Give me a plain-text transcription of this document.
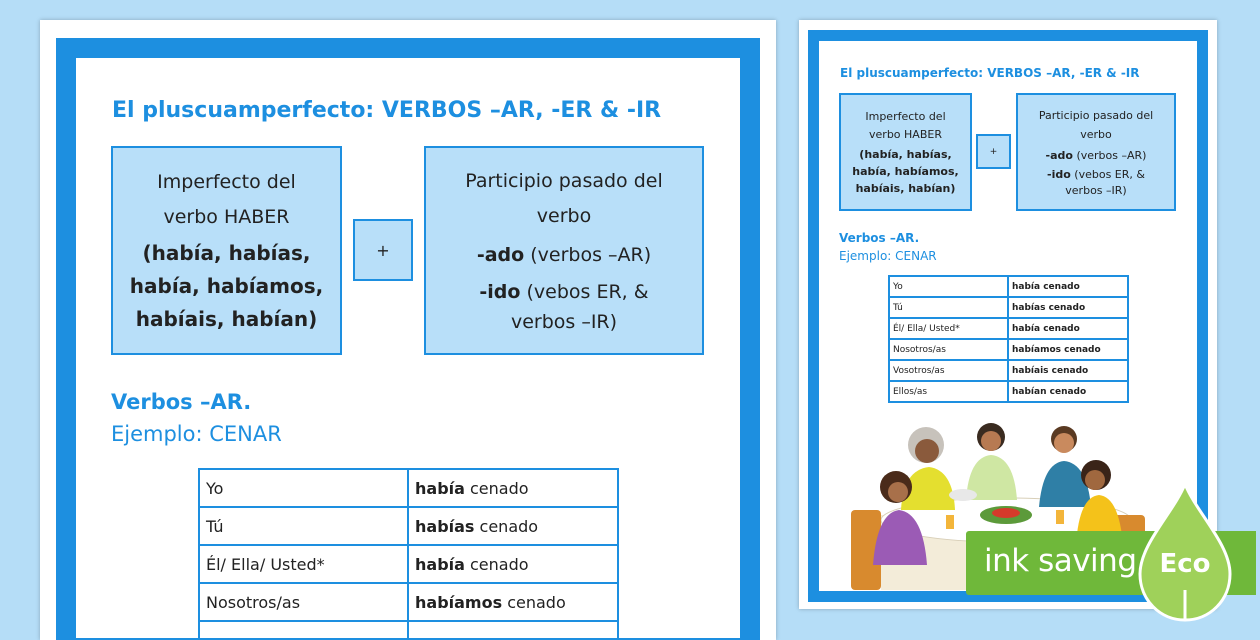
El pluscuamperfecto: VERBOS –AR, -ER & -IR
Imperfecto del
verbo HABER
(había, habías,
había, habíamos,
habíais, habían)
+
Participio pasado del
verbo
-ado (verbos –AR)
-ido (vebos ER, &
verbos –IR)
Verbos –AR.
Ejemplo: CENAR
Yo	había cenado
Tú	habías cenado
Él/ Ella/ Usted*	había cenado
Nosotros/as	habíamos cenado

El pluscuamperfecto: VERBOS –AR, -ER & -IR
Imperfecto del
verbo HABER
(había, habías,
había, habíamos,
habíais, habían)
+
Participio pasado del
verbo
-ado (verbos –AR)
-ido (vebos ER, &
verbos –IR)
Verbos –AR.
Ejemplo: CENAR
Yo	había cenado
Tú	habías cenado
Él/ Ella/ Usted*	había cenado
Nosotros/as	habíamos cenado
Vosotros/as	habíais cenado
Ellos/as	habían cenado
ink saving Eco
